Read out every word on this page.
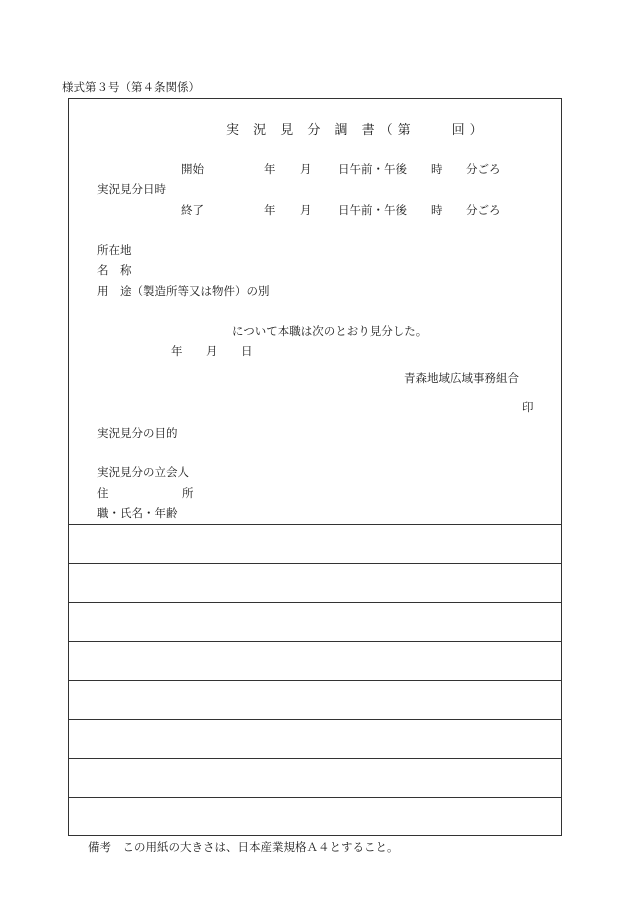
様式第３号（第４条関係）
実 況 見 分 調 書（第　　回）
開始	年 月 日午前・午後 時 分ごろ
実況見分日時
終了	年 月 日午前・午後 時 分ごろ
所在地
名　称
用　途（製造所等又は物件）の別
について本職は次のとおり見分した。
年 月 日
青森地域広域事務組合
印
実況見分の目的
実況見分の立会人
住	所
職・氏名・年齢
備考　この用紙の大きさは、日本産業規格Ａ４とすること。
